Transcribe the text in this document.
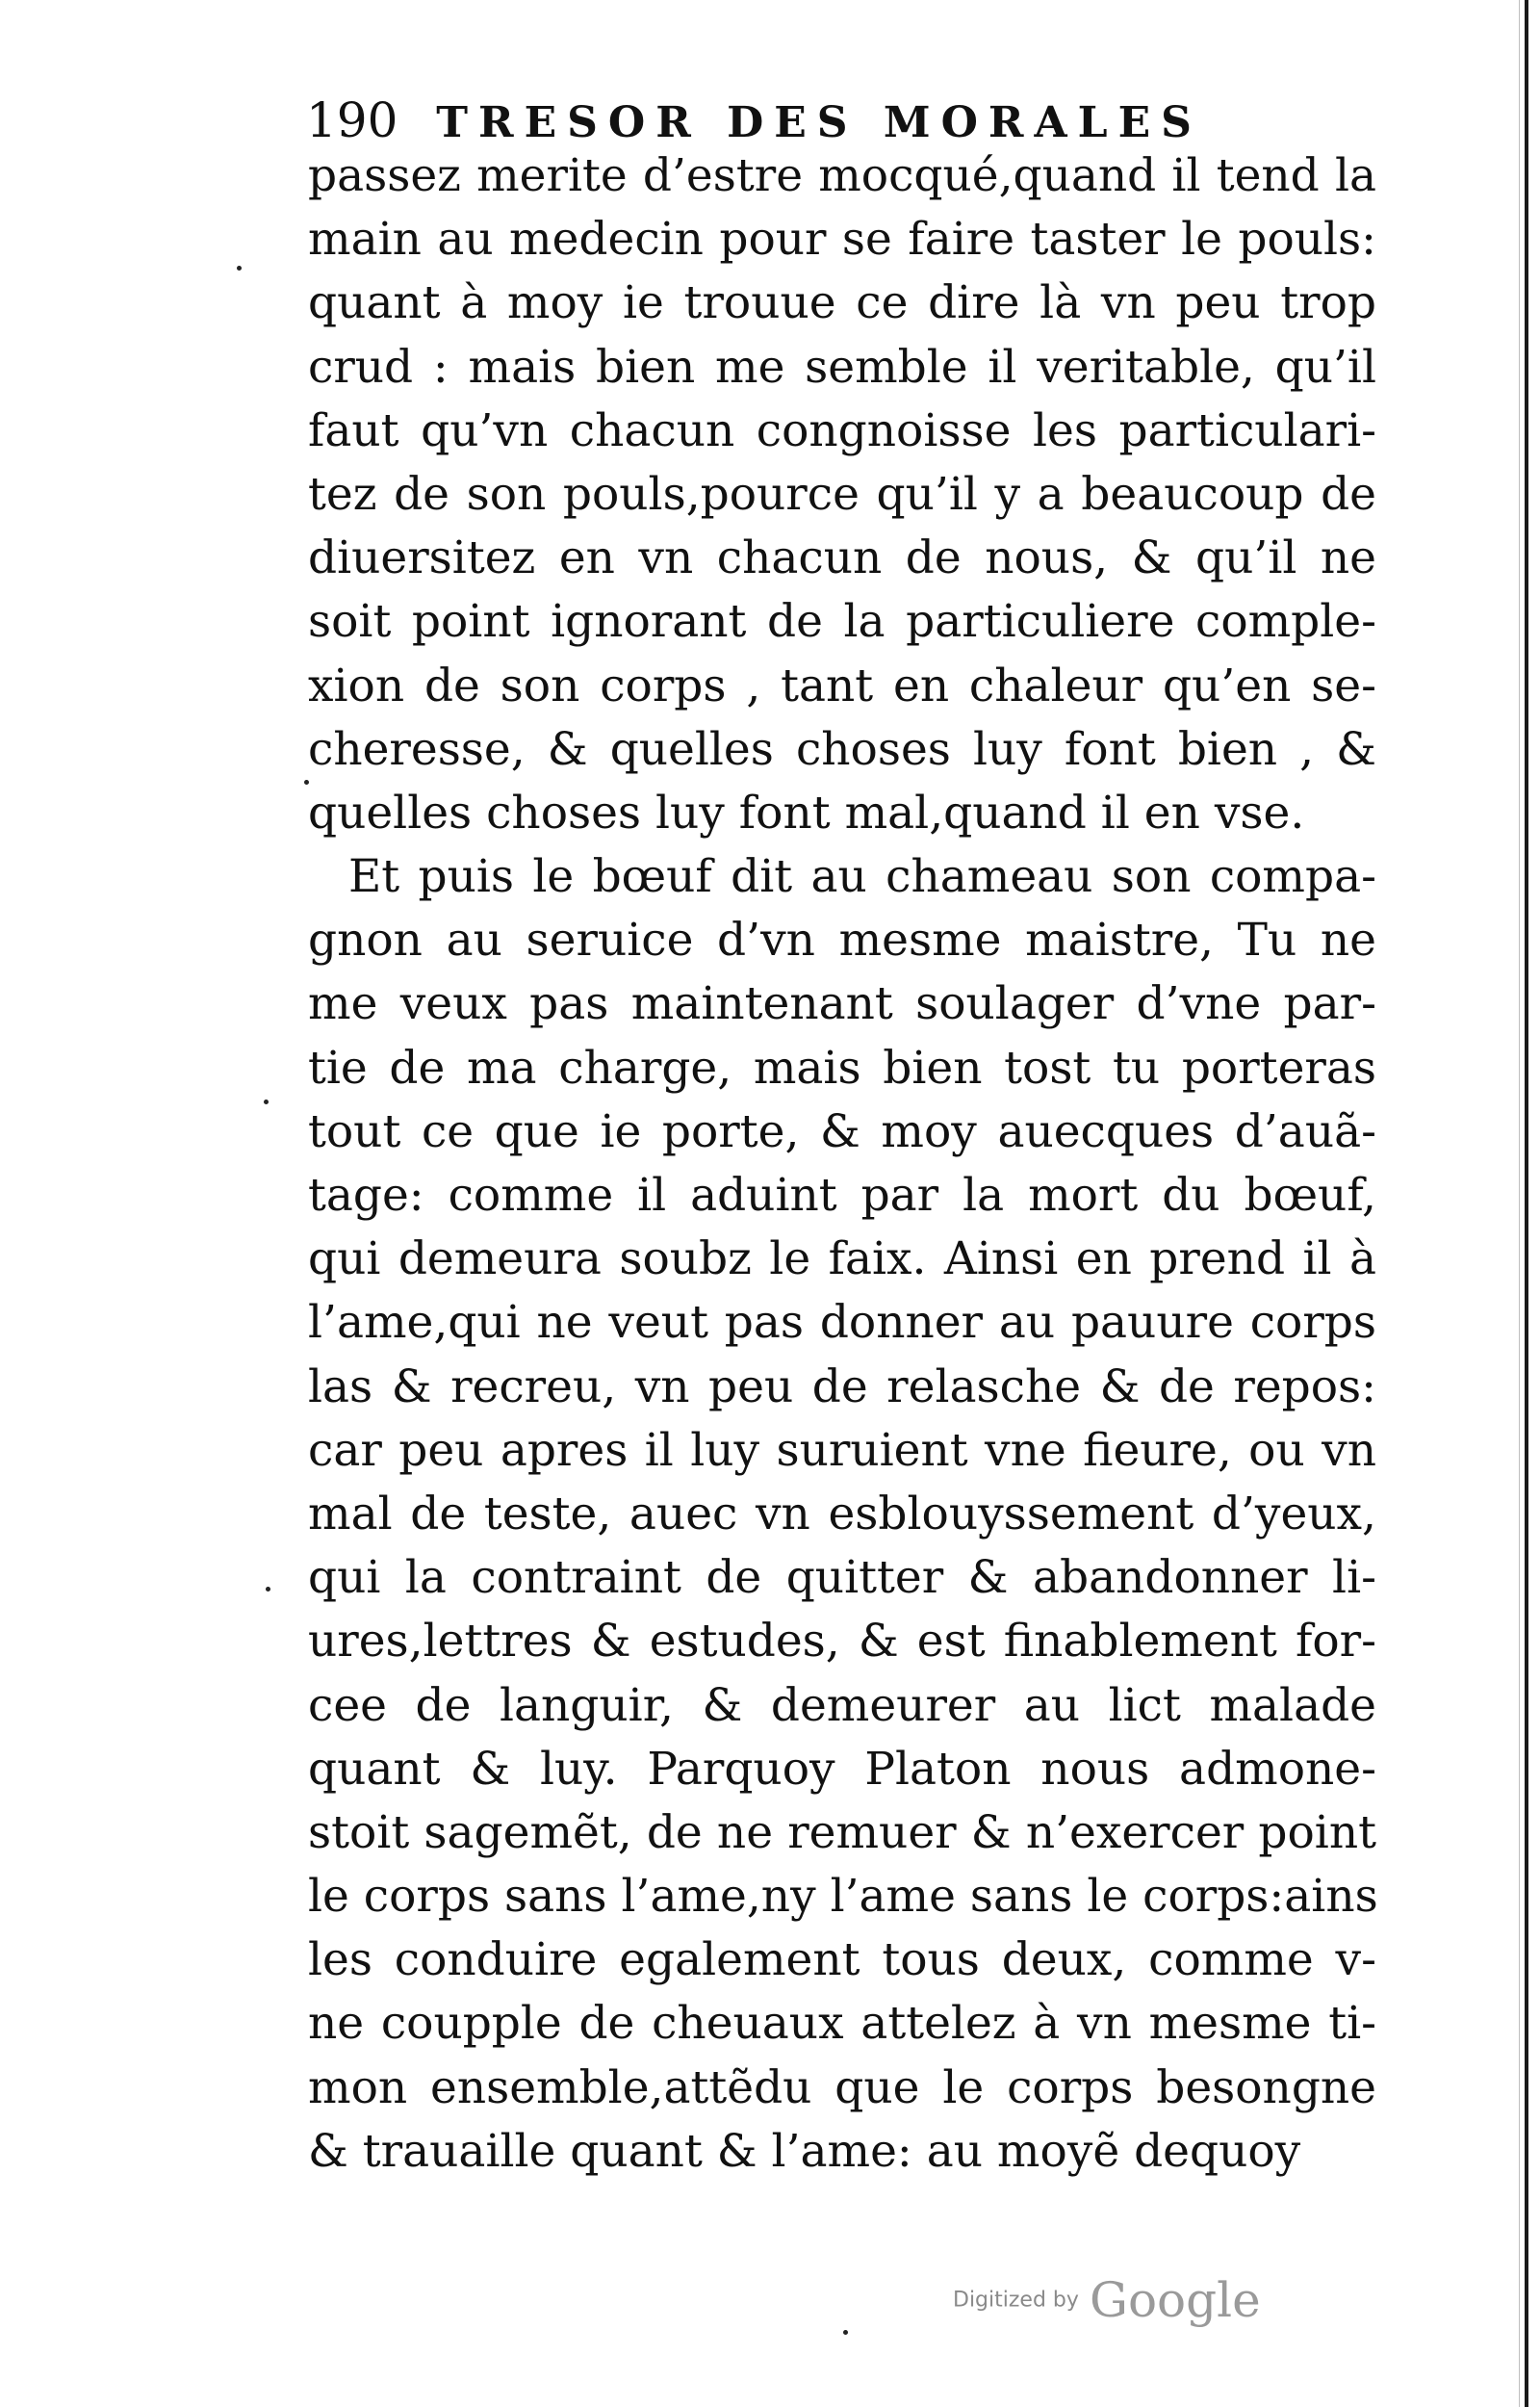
190 TRESOR DES MORALES
passez merite d’estre mocqué,quand il tend la
main au medecin pour se faire taster le pouls:
quant à moy ie trouue ce dire là vn peu trop
crud : mais bien me semble il veritable, qu’il
faut qu’vn chacun congnoisse les particulari-
tez de son pouls,pource qu’il y a beaucoup de
diuersitez en vn chacun de nous, & qu’il ne
soit point ignorant de la particuliere comple-
xion de son corps , tant en chaleur qu’en se-
cheresse, & quelles choses luy font bien , &
quelles choses luy font mal,quand il en vse.
Et puis le bœuf dit au chameau son compa-
gnon au seruice d’vn mesme maistre, Tu ne
me veux pas maintenant soulager d’vne par-
tie de ma charge, mais bien tost tu porteras
tout ce que ie porte, & moy auecques d’auã-
tage: comme il aduint par la mort du bœuf,
qui demeura soubz le faix. Ainsi en prend il à
l’ame,qui ne veut pas donner au pauure corps
las & recreu, vn peu de relasche & de repos:
car peu apres il luy suruient vne fieure, ou vn
mal de teste, auec vn esblouyssement d’yeux,
qui la contraint de quitter & abandonner li-
ures,lettres & estudes, & est finablement for-
cee de languir, & demeurer au lict malade
quant & luy. Parquoy Platon nous admone-
stoit sagemẽt, de ne remuer & n’exercer point
le corps sans l’ame,ny l’ame sans le corps:ains
les conduire egalement tous deux, comme v-
ne coupple de cheuaux attelez à vn mesme ti-
mon ensemble,attẽdu que le corps besongne
& trauaille quant & l’ame: au moyẽ dequoy
Digitized by Google
